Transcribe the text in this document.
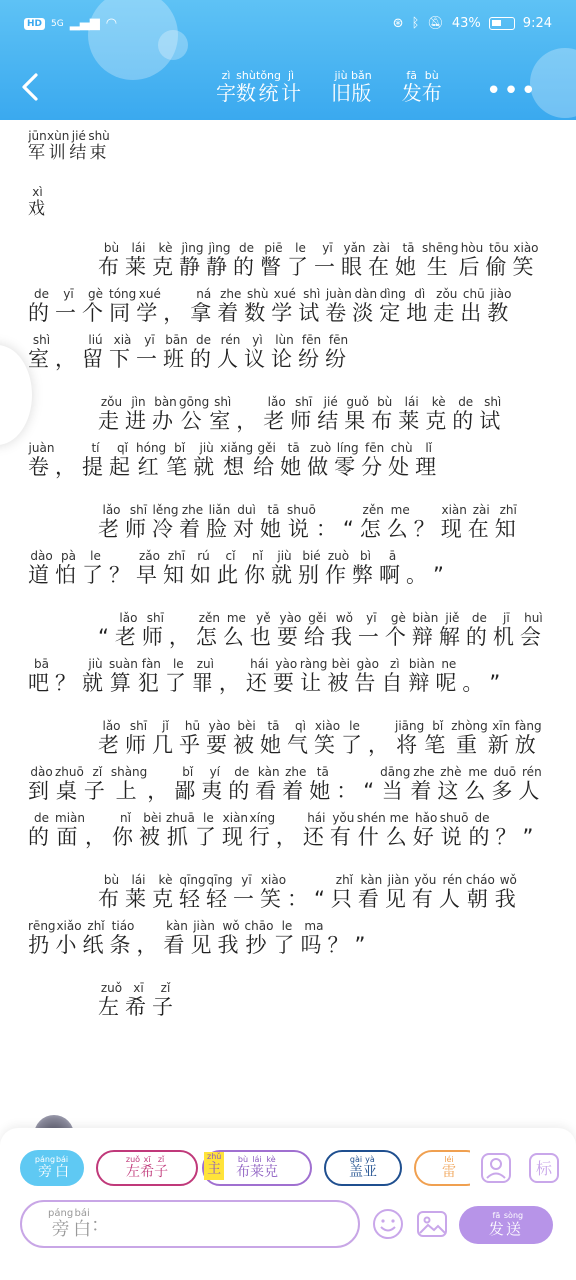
HD	5G ▂▄▆ ◠	⊛ ᛒ 🔕︎ 43%	9:24
字zì数shù统tǒng计jì
旧jiù版bǎn
发fā布bù
•••
军jūn训xùn结jié束shù
戏xì
布bù莱lái克kè静jìng静jìng的de瞥piē了le一yī眼yǎn在zài她tā生shēng后hòu偷tōu笑xiào的de一yī个gè同tóng学xué，拿ná着zhe数shù学xué试shì卷juàn淡dàn定dìng地dì走zǒu出chū教jiào室shì，留liú下xià一yī班bān的de人rén议yì论lùn纷fēn纷fēn
走zǒu进jìn办bàn公gōng室shì，老lǎo师shī结jié果guǒ布bù莱lái克kè的de试shì卷juàn，提tí起qǐ红hóng笔bǐ就jiù想xiǎng给gěi她tā做zuò零líng分fēn处chù理lǐ
老lǎo师shī冷lěng着zhe脸liǎn对duì她tā说shuō：“怎zěn么me？现xiàn在zài知zhī道dào怕pà了le？早zǎo知zhī如rú此cǐ你nǐ就jiù别bié作zuò弊bì啊ā。”
“老lǎo师shī，怎zěn么me也yě要yào给gěi我wǒ一yī个gè辩biàn解jiě的de机jī会huì吧bā？就jiù算suàn犯fàn了le罪zuì，还hái要yào让ràng被bèi告gào自zì辩biàn呢ne。”
老lǎo师shī几jǐ乎hū要yào被bèi她tā气qì笑xiào了le，将jiāng笔bǐ重zhòng新xīn放fàng到dào桌zhuō子zǐ上shàng，鄙bǐ夷yí的de看kàn着zhe她tā：“当dāng着zhe这zhè么me多duō人rén的de面miàn，你nǐ被bèi抓zhuā了le现xiàn行xíng，还hái有yǒu什shén么me好hǎo说shuō的de？”
布bù莱lái克kè轻qīng轻qīng一yī笑xiào：“只zhǐ看kàn见jiàn有yǒu人rén朝cháo我wǒ扔rēng小xiǎo纸zhǐ条tiáo，看kàn见jiàn我wǒ抄chāo了le吗ma？”
左zuǒ希xī子zǐ
旁páng
白bái
左zuǒ
希xī
子zǐ
主zhǔ
布bù
莱lái
克kè
盖gài
亚yà
雷léi	标
旁páng
白bái
：	发fā
送sòng
